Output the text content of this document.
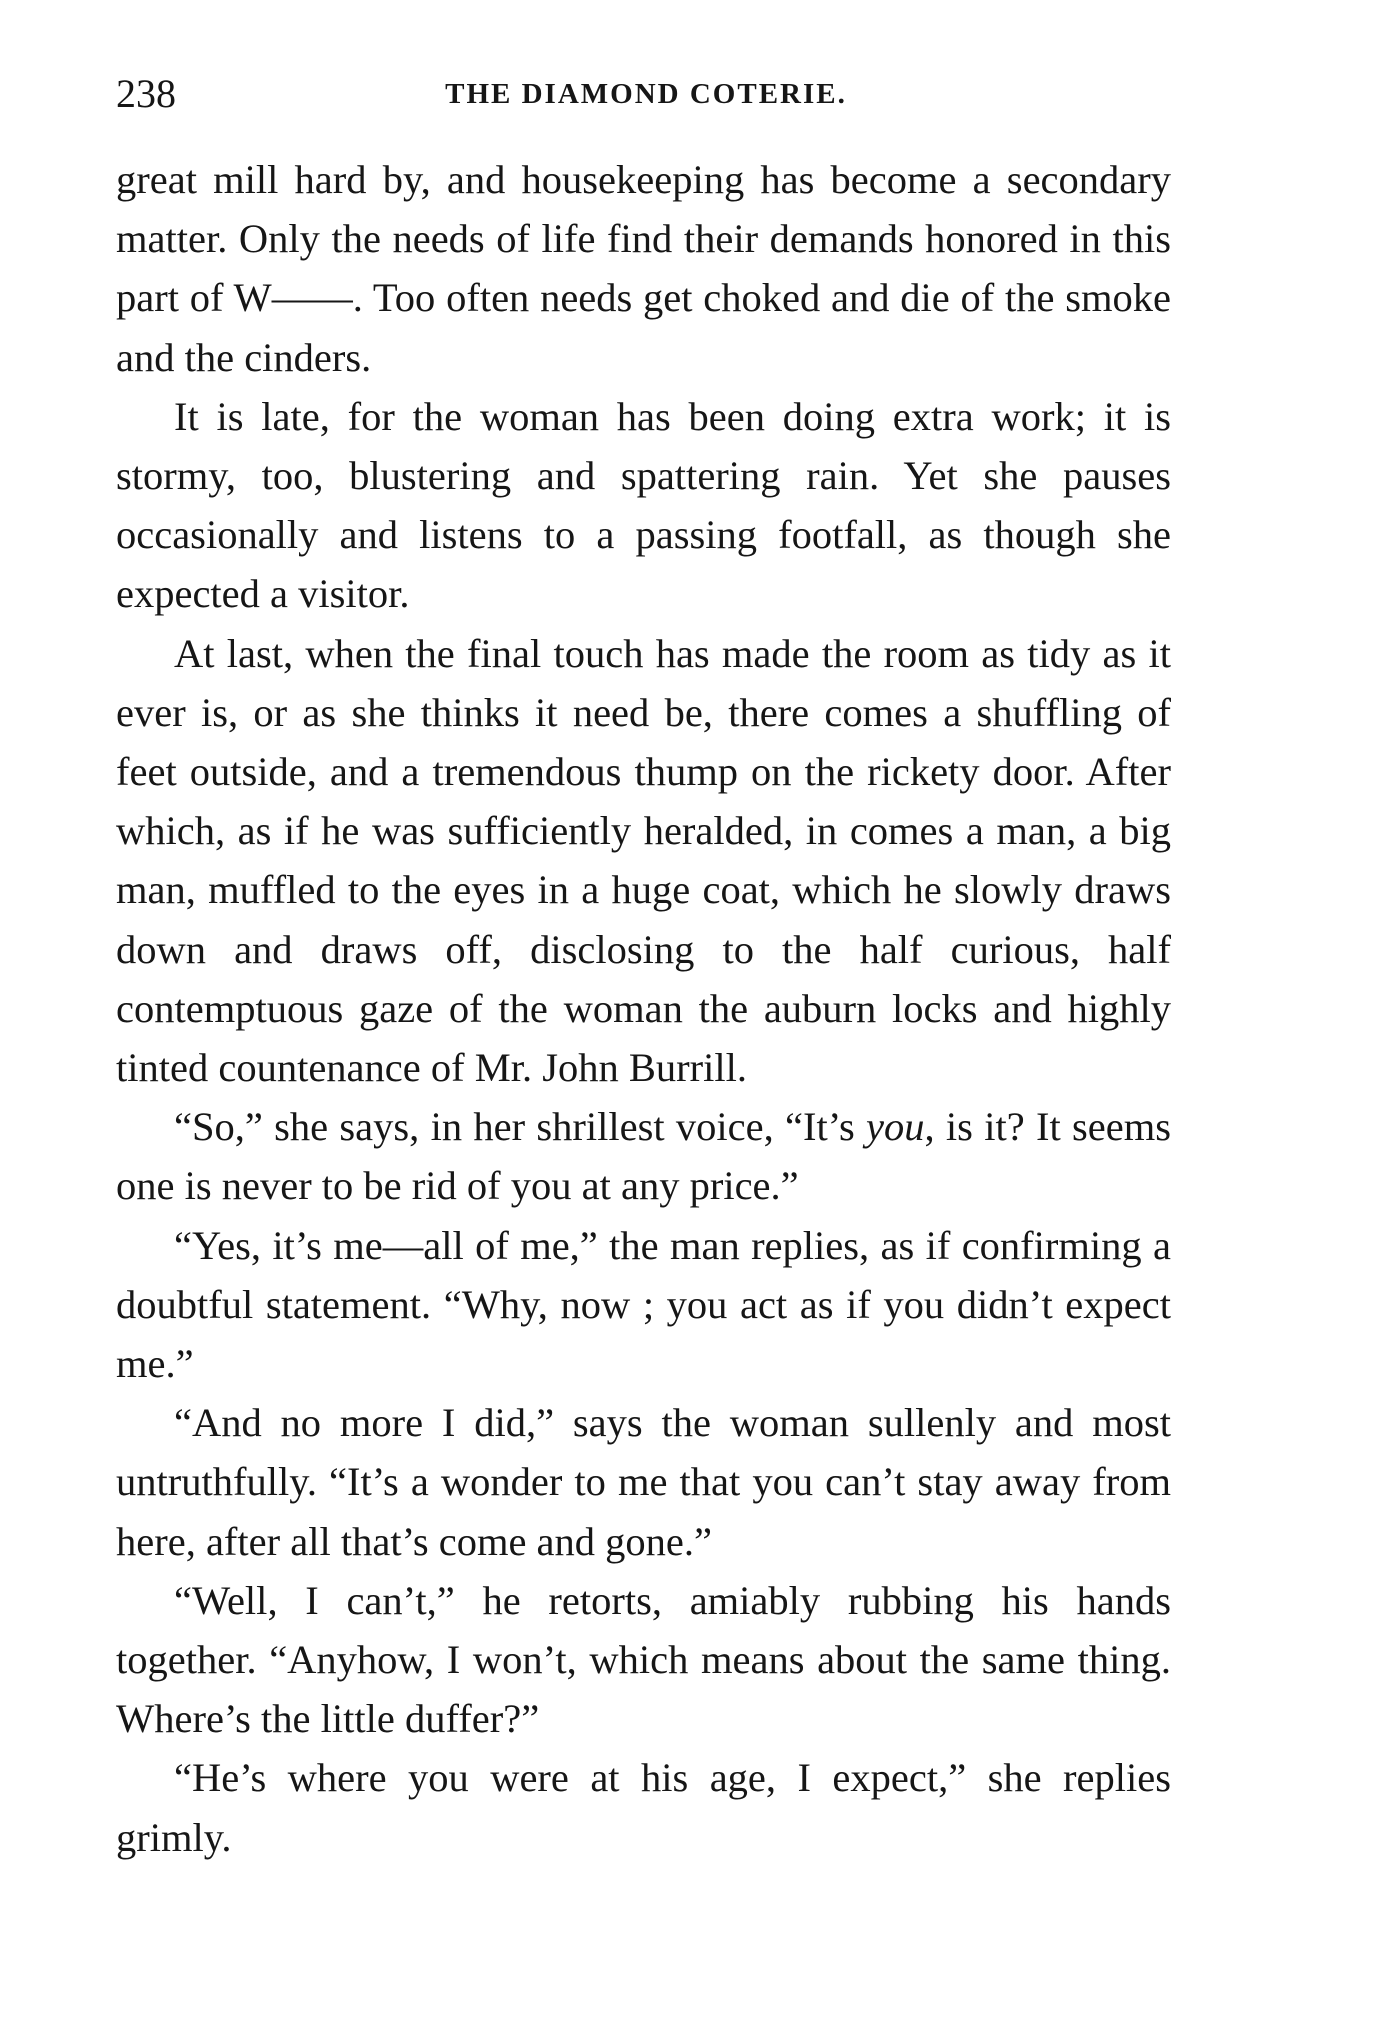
238	THE DIAMOND COTERIE.

great mill hard by, and housekeeping has become a secondary matter. Only the needs of life find their demands honored in this part of W——. Too often needs get choked and die of the smoke and the cinders.

It is late, for the woman has been doing extra work; it is stormy, too, blustering and spattering rain. Yet she pauses occasionally and listens to a passing footfall, as though she expected a visitor.

At last, when the final touch has made the room as tidy as it ever is, or as she thinks it need be, there comes a shuffling of feet outside, and a tremendous thump on the rickety door. After which, as if he was sufficiently heralded, in comes a man, a big man, muffled to the eyes in a huge coat, which he slowly draws down and draws off, disclosing to the half curious, half contemptuous gaze of the woman the auburn locks and highly tinted countenance of Mr. John Burrill.

“So,” she says, in her shrillest voice, “It’s you, is it? It seems one is never to be rid of you at any price.”

“Yes, it’s me—all of me,” the man replies, as if confirming a doubtful statement. “Why, now ; you act as if you didn’t expect me.”

“And no more I did,” says the woman sullenly and most untruthfully. “It’s a wonder to me that you can’t stay away from here, after all that’s come and gone.”

“Well, I can’t,” he retorts, amiably rubbing his hands together. “Anyhow, I won’t, which means about the same thing. Where’s the little duffer?”

“He’s where you were at his age, I expect,” she replies grimly.
